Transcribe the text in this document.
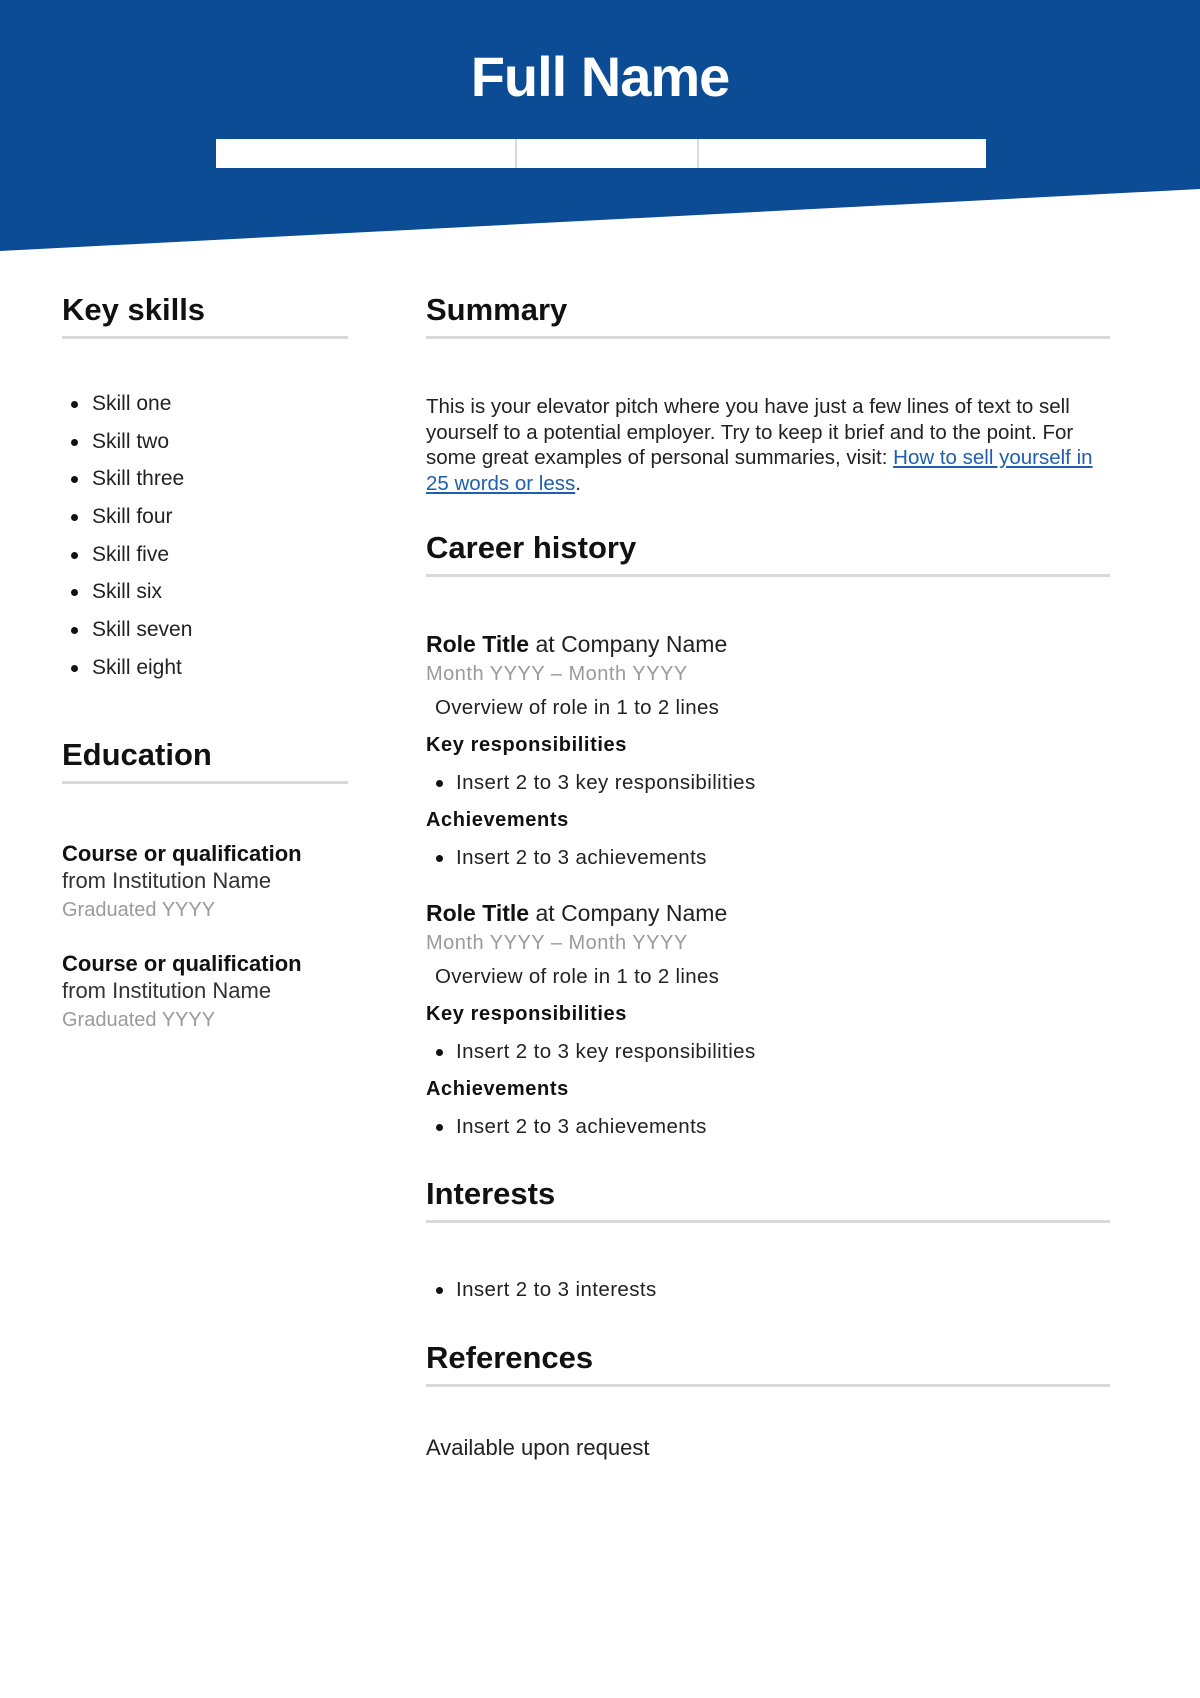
Full Name
Key skills
Skill one
Skill two
Skill three
Skill four
Skill five
Skill six
Skill seven
Skill eight
Education
Course or qualification
from Institution Name
Graduated YYYY
Course or qualification
from Institution Name
Graduated YYYY
Summary

This is your elevator pitch where you have just a few lines of text to sell yourself to a potential employer. Try to keep it brief and to the point. For some great examples of personal summaries, visit: How to sell yourself in 25 words or less.

Career history
Role Title at Company Name
Month YYYY – Month YYYY
Overview of role in 1 to 2 lines
Key responsibilities
Insert 2 to 3 key responsibilities
Achievements
Insert 2 to 3 achievements
Role Title at Company Name
Month YYYY – Month YYYY
Overview of role in 1 to 2 lines
Key responsibilities
Insert 2 to 3 key responsibilities
Achievements
Insert 2 to 3 achievements
Interests
Insert 2 to 3 interests
References
Available upon request
